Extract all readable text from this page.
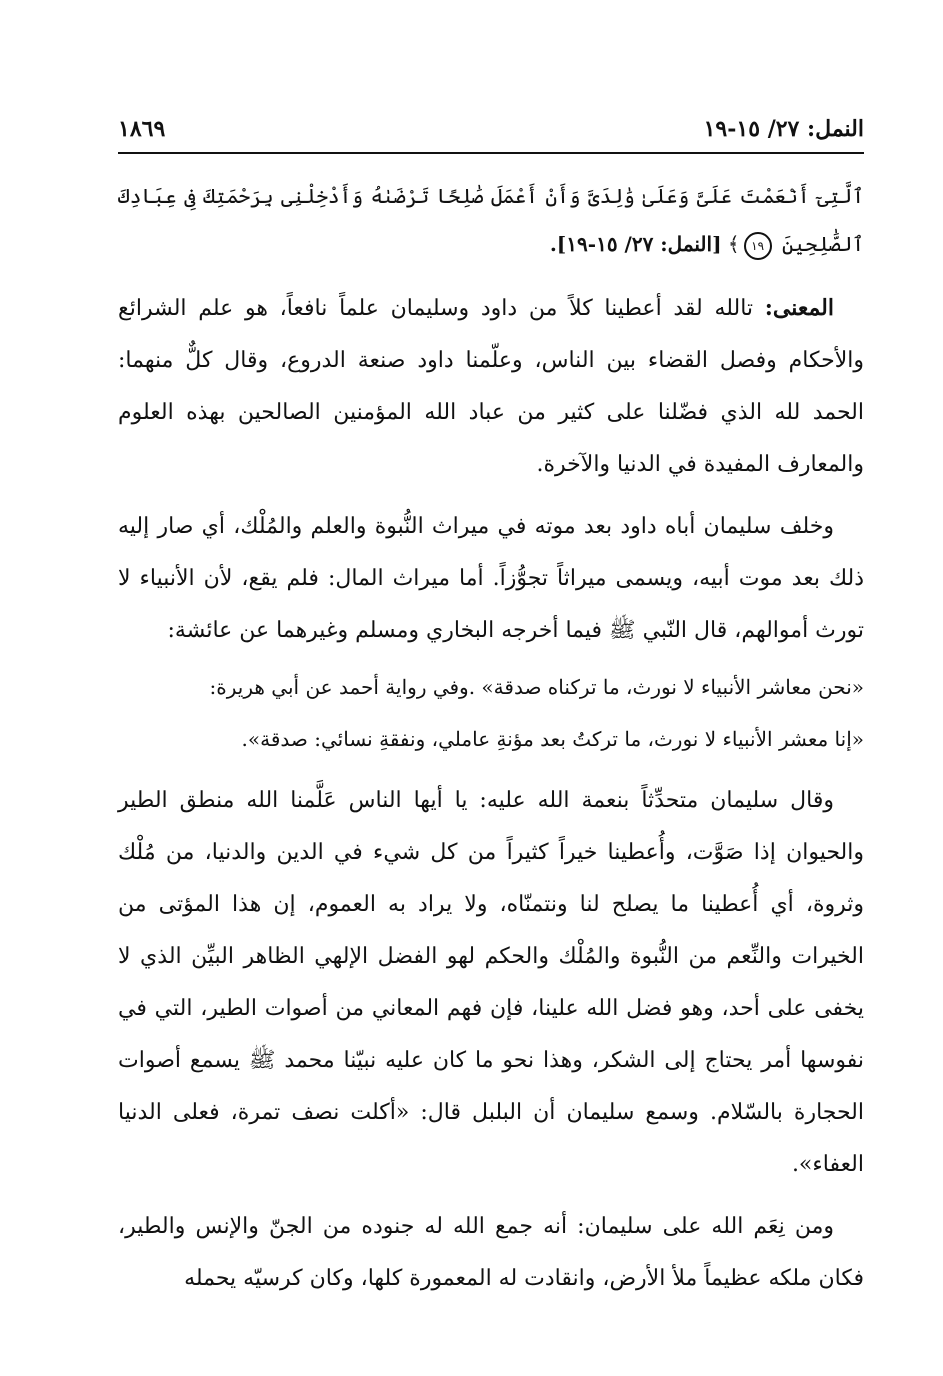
النمل: ٢٧/ ١٥-١٩
١٨٦٩
ٱلَّتِىٓ أَنْعَمْتَ عَلَىَّ وَعَلَىٰ وَٰلِدَىَّ وَأَنْ أَعْمَلَ صَٰلِحًا تَرْضَىٰهُ وَأَدْخِلْنِى بِرَحْمَتِكَ فِى عِبَادِكَ ٱلصَّٰلِحِينَ ١٩﴾ [النمل: ٢٧/ ١٥-١٩].

المعنى: تالله لقد أعطينا كلاً من داود وسليمان علماً نافعاً، هو علم الشرائع والأحكام وفصل القضاء بين الناس، وعلّمنا داود صنعة الدروع، وقال كلٌّ منهما: الحمد لله الذي فضّلنا على كثير من عباد الله المؤمنين الصالحين بهذه العلوم والمعارف المفيدة في الدنيا والآخرة.

وخلف سليمان أباه داود بعد موته في ميراث النُّبوة والعلم والمُلْك، أي صار إليه ذلك بعد موت أبيه، ويسمى ميراثاً تجوُّزاً. أما ميراث المال: فلم يقع، لأن الأنبياء لا تورث أموالهم، قال النّبي ﷺ فيما أخرجه البخاري ومسلم وغيرهما عن عائشة:

«نحن معاشر الأنبياء لا نورث، ما تركناه صدقة» .وفي رواية أحمد عن أبي هريرة:

«إنا معشر الأنبياء لا نورث، ما تركتُ بعد مؤنةِ عاملي، ونفقةِ نسائي: صدقة».

وقال سليمان متحدِّثاً بنعمة الله عليه: يا أيها الناس عَلَّمنا الله منطق الطير والحيوان إذا صَوَّت، وأُعطينا خيراً كثيراً من كل شيء في الدين والدنيا، من مُلْك وثروة، أي أُعطينا ما يصلح لنا ونتمنّاه، ولا يراد به العموم، إن هذا المؤتى من الخيرات والنِّعم من النُّبوة والمُلْك والحكم لهو الفضل الإلهي الظاهر البيِّن الذي لا يخفى على أحد، وهو فضل الله علينا، فإن فهم المعاني من أصوات الطير، التي في نفوسها أمر يحتاج إلى الشكر، وهذا نحو ما كان عليه نبيّنا محمد ﷺ يسمع أصوات الحجارة بالسّلام. وسمع سليمان أن البلبل قال: «أكلت نصف تمرة، فعلى الدنيا العفاء».

ومن نِعَم الله على سليمان: أنه جمع الله له جنوده من الجنّ والإنس والطير، فكان ملكه عظيماً ملأ الأرض، وانقادت له المعمورة كلها، وكان كرسيّه يحمله
